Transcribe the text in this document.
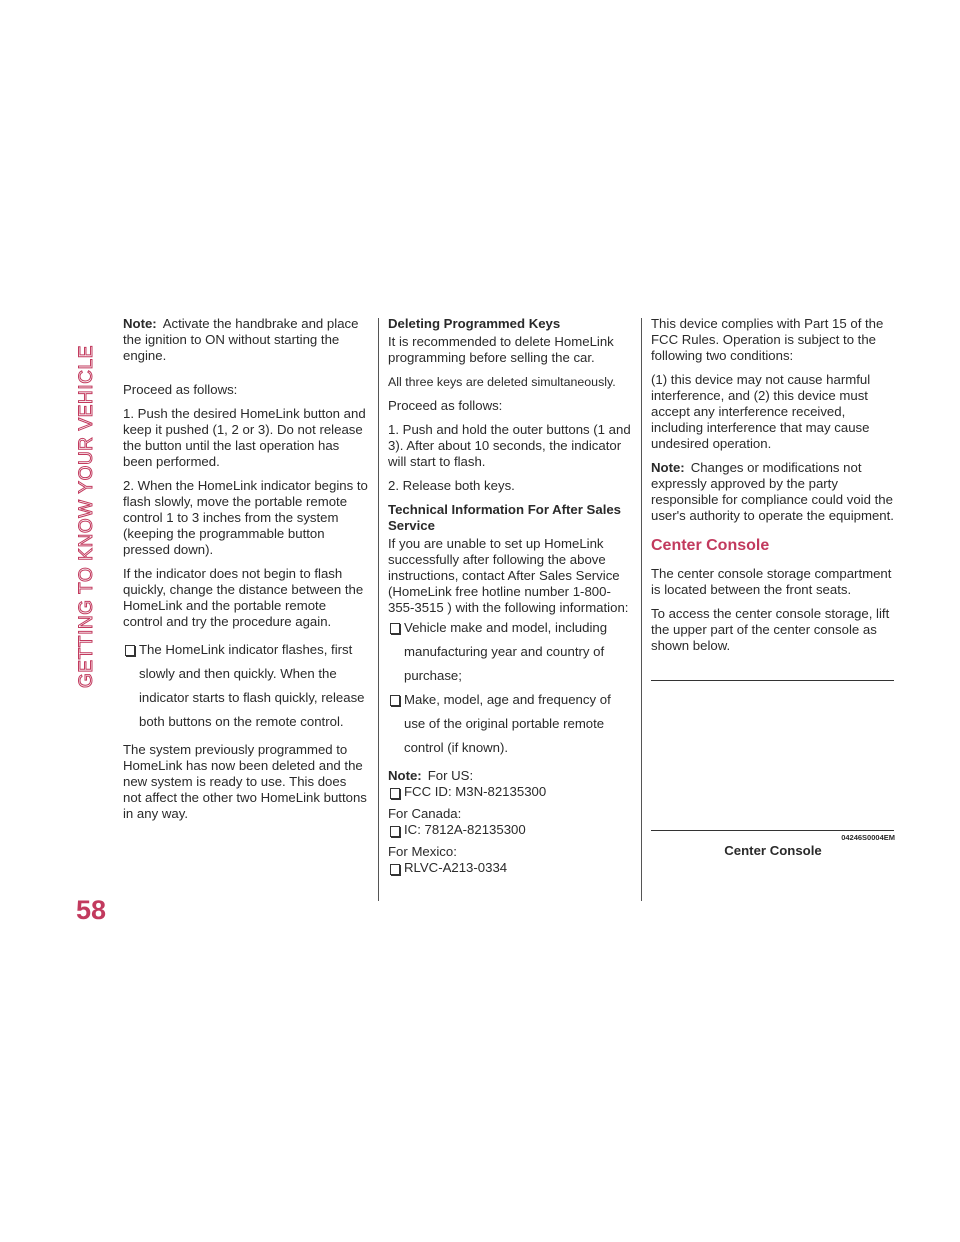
GETTING TO KNOW YOUR VEHICLE
58

Note: Activate the handbrake and place the ignition to ON without starting the engine.

Proceed as follows:

1. Push the desired HomeLink button and keep it pushed (1, 2 or 3). Do not release the button until the last operation has been performed.

2. When the HomeLink indicator begins to flash slowly, move the portable remote control 1 to 3 inches from the system (keeping the programmable button pressed down).

If the indicator does not begin to flash quickly, change the distance between the HomeLink and the portable remote control and try the procedure again.

The HomeLink indicator flashes, first slowly and then quickly. When the indicator starts to flash quickly, release both buttons on the remote control.

The system previously programmed to HomeLink has now been deleted and the new system is ready to use. This does not affect the other two HomeLink buttons in any way.

Deleting Programmed Keys

It is recommended to delete HomeLink programming before selling the car.

All three keys are deleted simultaneously.

Proceed as follows:

1. Push and hold the outer buttons (1 and 3). After about 10 seconds, the indicator will start to flash.

2. Release both keys.

Technical Information For After Sales Service

If you are unable to set up HomeLink successfully after following the above instructions, contact After Sales Service (HomeLink free hotline number 1-800-355-3515 ) with the following information:

Vehicle make and model, including manufacturing year and country of purchase;
Make, model, age and frequency of use of the original portable remote control (if known).

Note: For US:

FCC ID: M3N-82135300

For Canada:

IC: 7812A-82135300

For Mexico:

RLVC-A213-0334

This device complies with Part 15 of the FCC Rules. Operation is subject to the following two conditions:

(1) this device may not cause harmful interference, and (2) this device must accept any interference received, including interference that may cause undesired operation.

Note: Changes or modifications not expressly approved by the party responsible for compliance could void the user's authority to operate the equipment.

Center Console

The center console storage compartment is located between the front seats.

To access the center console storage, lift the upper part of the center console as shown below.

04246S0004EM
Center Console
